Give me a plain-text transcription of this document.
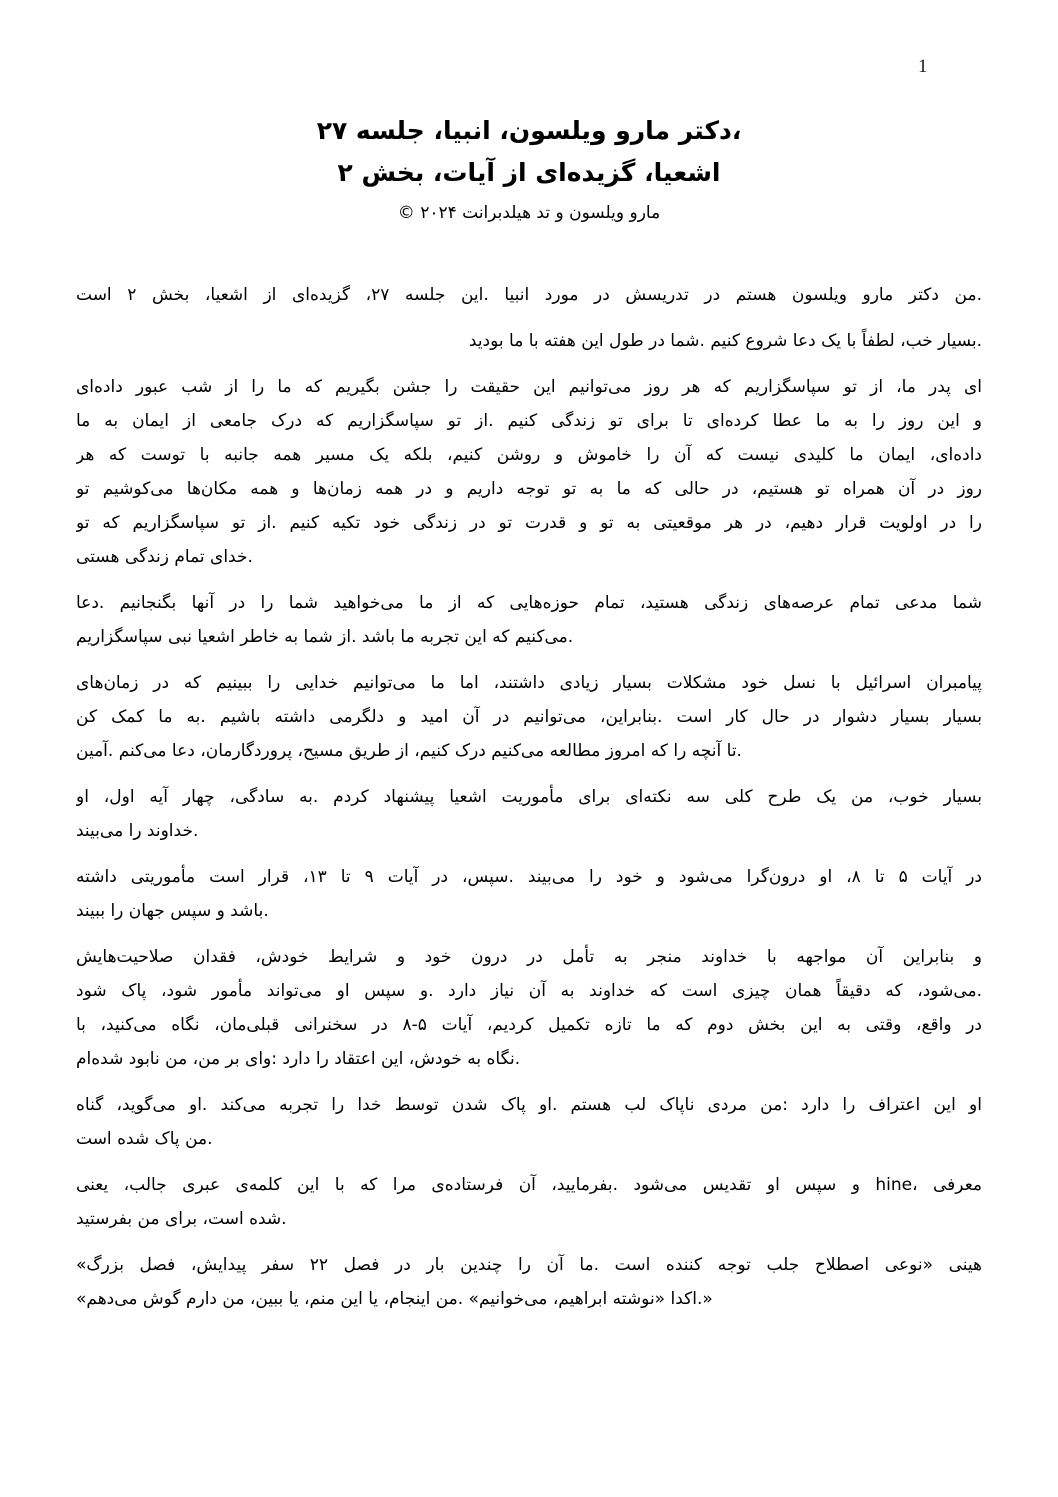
1
،دکتر مارو ویلسون، انبیا، جلسه ۲۷
اشعیا، گزیده‌ای از آیات، بخش ۲
مارو ویلسون و تد هیلدبرانت ۲۰۲۴ ©
.من دکتر مارو ویلسون هستم در تدریسش در مورد انبیا .این جلسه ۲۷، گزیده‌ای از اشعیا، بخش ۲ است
.بسیار خب، لطفاً با یک دعا شروع کنیم .شما در طول این هفته با ما بودید
ای پدر ما، از تو سپاسگزاریم که هر روز می‌توانیم این حقیقت را جشن بگیریم که ما را از شب عبور داده‌ای
و این روز را به ما عطا کرده‌ای تا برای تو زندگی کنیم .از تو سپاسگزاریم که درک جامعی از ایمان به ما
داده‌ای، ایمان ما کلیدی نیست که آن را خاموش و روشن کنیم، بلکه یک مسیر همه جانبه با توست که هر
روز در آن همراه تو هستیم، در حالی که ما به تو توجه داریم و در همه زمان‌ها و همه مکان‌ها می‌کوشیم تو
را در اولویت قرار دهیم، در هر موقعیتی به تو و قدرت تو در زندگی خود تکیه کنیم .از تو سپاسگزاریم که تو
.خدای تمام زندگی هستی
شما مدعی تمام عرصه‌های زندگی هستید، تمام حوزه‌هایی که از ما می‌خواهید شما را در آنها بگنجانیم .دعا
.می‌کنیم که این تجربه ما باشد .از شما به خاطر اشعیا نبی سپاسگزاریم
پیامبران اسرائیل با نسل خود مشکلات بسیار زیادی داشتند، اما ما می‌توانیم خدایی را ببینیم که در زمان‌های
بسیار بسیار دشوار در حال کار است .بنابراین، می‌توانیم در آن امید و دلگرمی داشته باشیم .به ما کمک کن
.تا آنچه را که امروز مطالعه می‌کنیم درک کنیم، از طریق مسیح، پروردگارمان، دعا می‌کنم .آمین
بسیار خوب، من یک طرح کلی سه نکته‌ای برای مأموریت اشعیا پیشنهاد کردم .به سادگی، چهار آیه اول، او
.خداوند را می‌بیند
در آیات ۵ تا ۸، او درون‌گرا می‌شود و خود را می‌بیند .سپس، در آیات ۹ تا ۱۳، قرار است مأموریتی داشته
.باشد و سپس جهان را ببیند
و بنابراین آن مواجهه با خداوند منجر به تأمل در درون خود و شرایط خودش، فقدان صلاحیت‌هایش
.می‌شود، که دقیقاً همان چیزی است که خداوند به آن نیاز دارد .و سپس او می‌تواند مأمور شود، پاک شود
در واقع، وقتی به این بخش دوم که ما تازه تکمیل کردیم، آیات ۵-۸ در سخنرانی قبلی‌مان، نگاه می‌کنید، با
.نگاه به خودش، این اعتقاد را دارد :وای بر من، من نابود شده‌ام
او این اعتراف را دارد :من مردی ناپاک لب هستم .او پاک شدن توسط خدا را تجربه می‌کند .او می‌گوید، گناه
.من پاک شده است
معرفی ،hine و سپس او تقدیس می‌شود .بفرمایید، آن فرستاده‌ی مرا که با این کلمه‌ی عبری جالب، یعنی
.شده است، برای من بفرستید
هینی «نوعی اصطلاح جلب توجه کننده است .ما آن را چندین بار در فصل ۲۲ سفر پیدایش، فصل بزرگ»
«.اکدا «نوشته ابراهیم، می‌خوانیم» .من اینجام، یا این منم، یا ببین، من دارم گوش می‌دهم»
